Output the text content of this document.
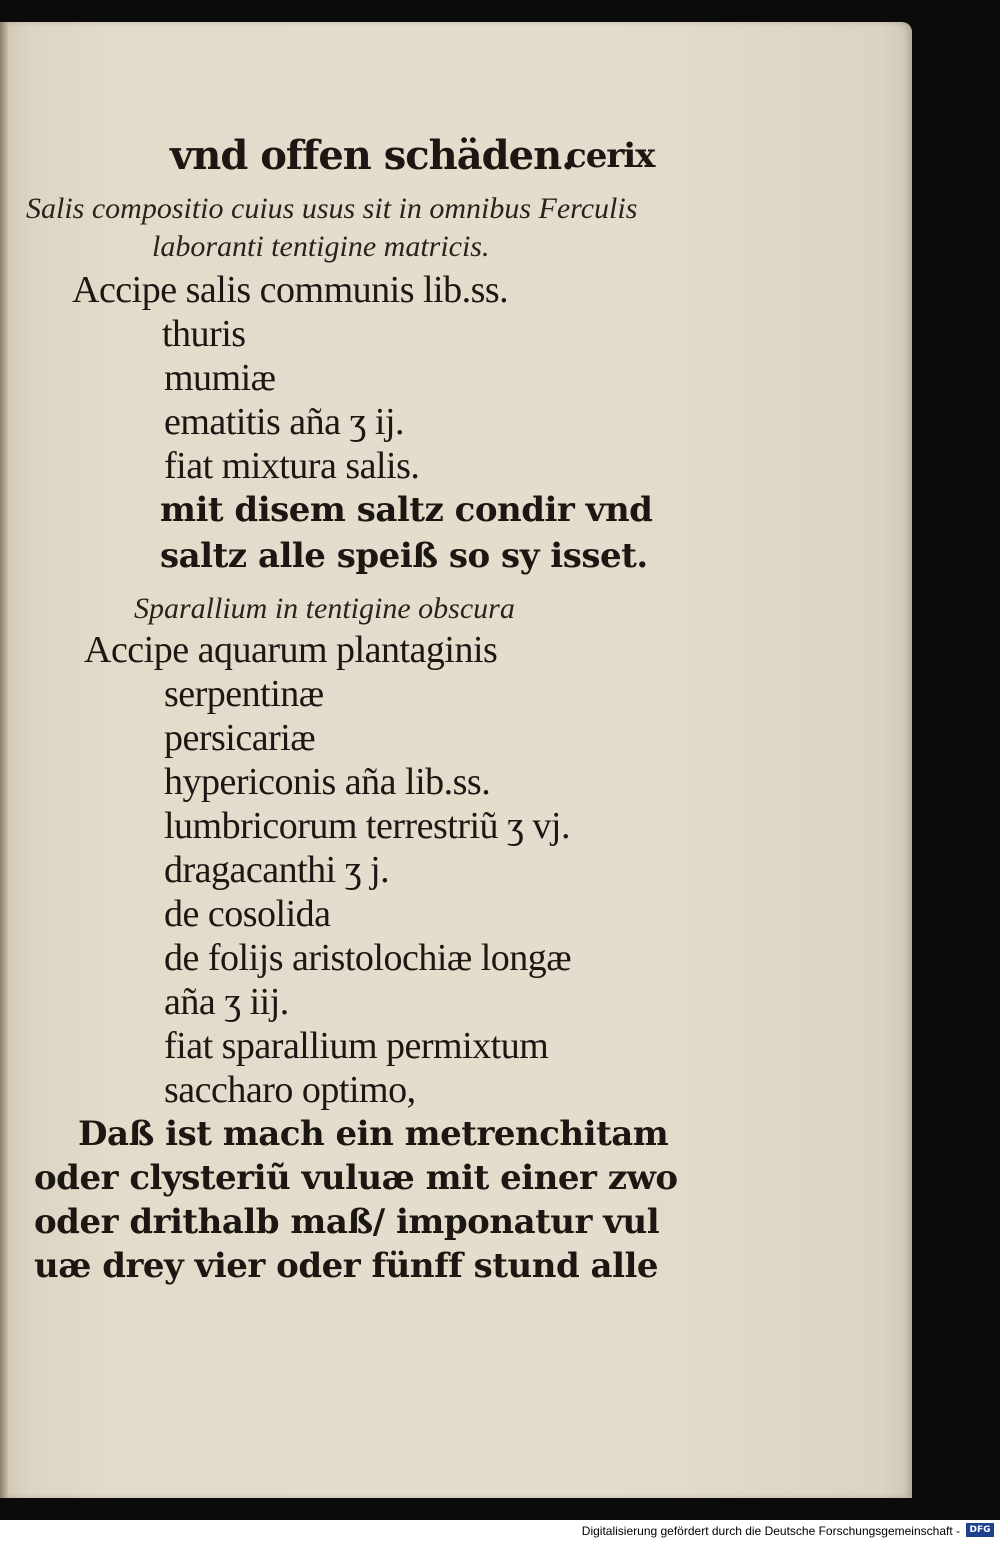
vnd offen schäden.
cerix
Salis compositio cuius usus sit in omnibus Ferculis
laboranti tentigine matricis.
Accipe salis communis lib.ss.
thuris
mumiæ
ematitis aña ʒ ij.
fiat mixtura salis.
mit disem saltz condir vnd
saltz alle speiß so sy isset.
Sparallium in tentigine obscura
Accipe aquarum plantaginis
serpentinæ
persicariæ
hypericonis aña lib.ss.
lumbricorum terrestriũ ʒ vj.
dragacanthi ʒ j.
de cosolida
de folijs aristolochiæ longæ
aña ʒ iij.
fiat sparallium permixtum
saccharo optimo,
Daß ist mach ein metrenchitam
oder clysteriũ vuluæ mit einer zwo
oder drithalb maß/ imponatur vul
uæ drey vier oder fünff stund alle
Digitalisierung gefördert durch die Deutsche Forschungsgemeinschaft -	DFG
